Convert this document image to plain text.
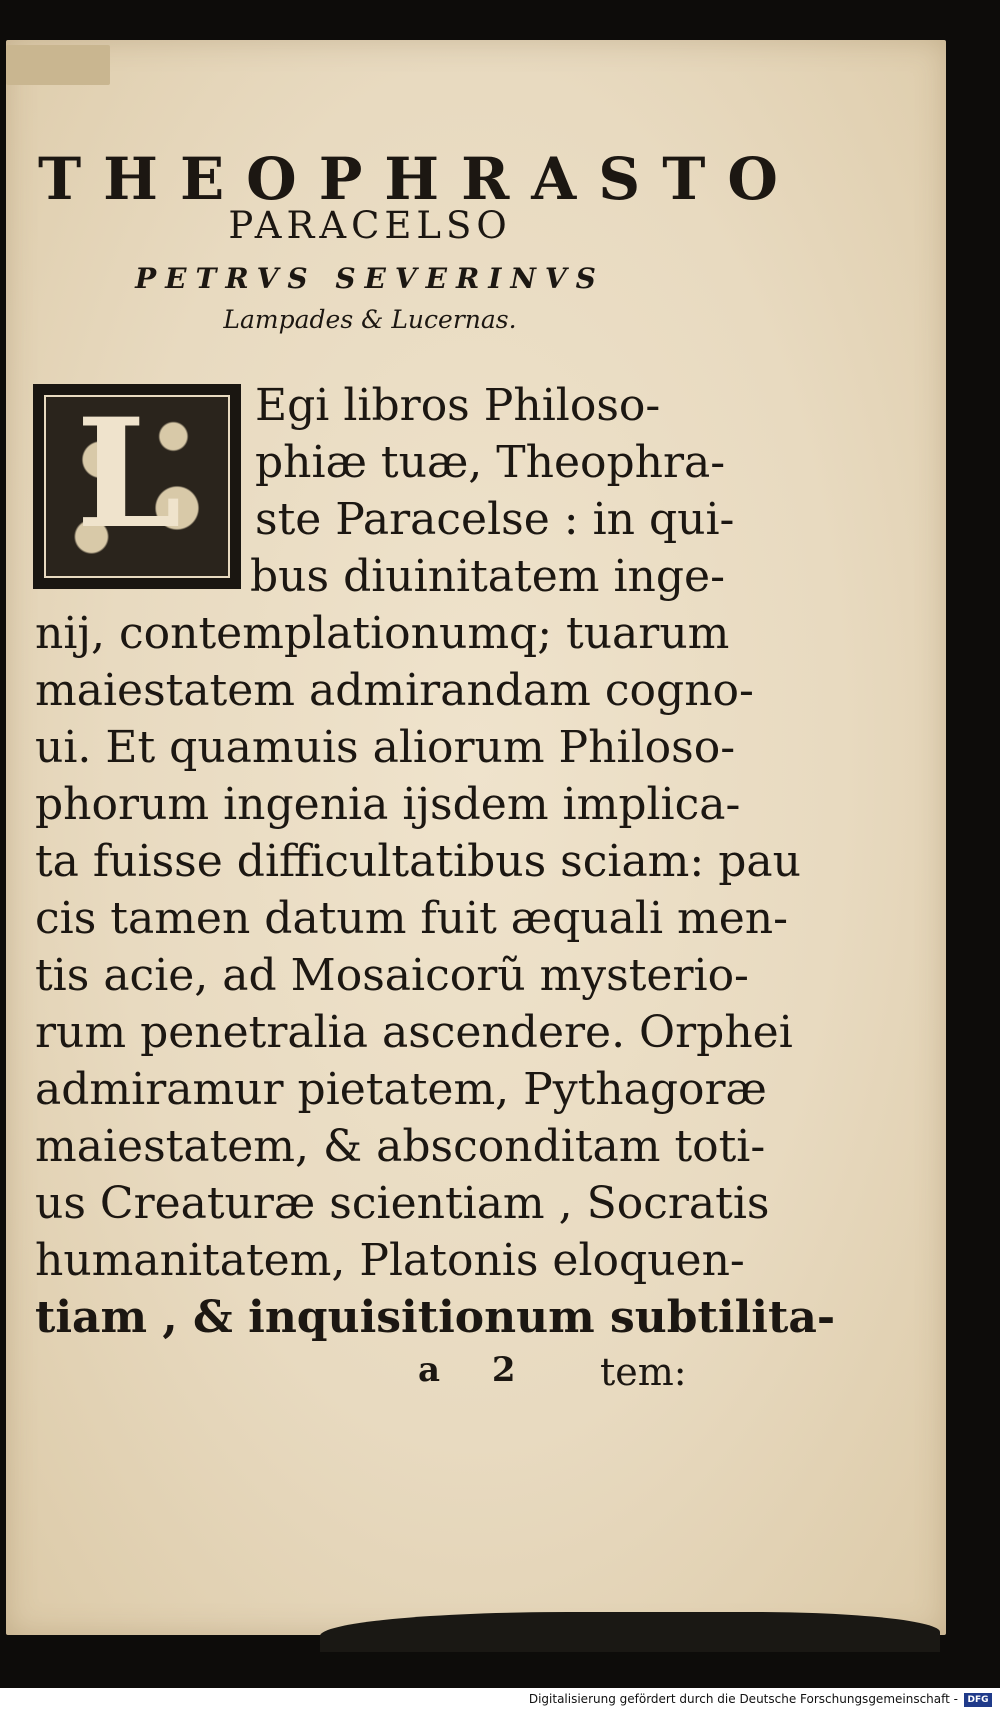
THEOPHRASTO
PARACELSO
PETRVS SEVERINVS
Lampades & Lucernas.
L Egi libros Philoso-
phiæ tuæ, Theophra-
ste Paracelse : in qui-
bus diuinitatem inge-
nij, contemplationumq; tuarum
maiestatem admirandam cogno-
ui. Et quamuis aliorum Philoso-
phorum ingenia ijsdem implica-
ta fuisse difficultatibus sciam: pau
cis tamen datum fuit æquali men-
tis acie, ad Mosaicorũ mysterio-
rum penetralia ascendere. Orphei
admiramur pietatem, Pythagoræ
maiestatem, & absconditam toti-
us Creaturæ scientiam , Socratis
humanitatem, Platonis eloquen-
tiam , & inquisitionum subtilita-
a 2 tem:
Digitalisierung gefördert durch die Deutsche Forschungsgemeinschaft -	DFG
